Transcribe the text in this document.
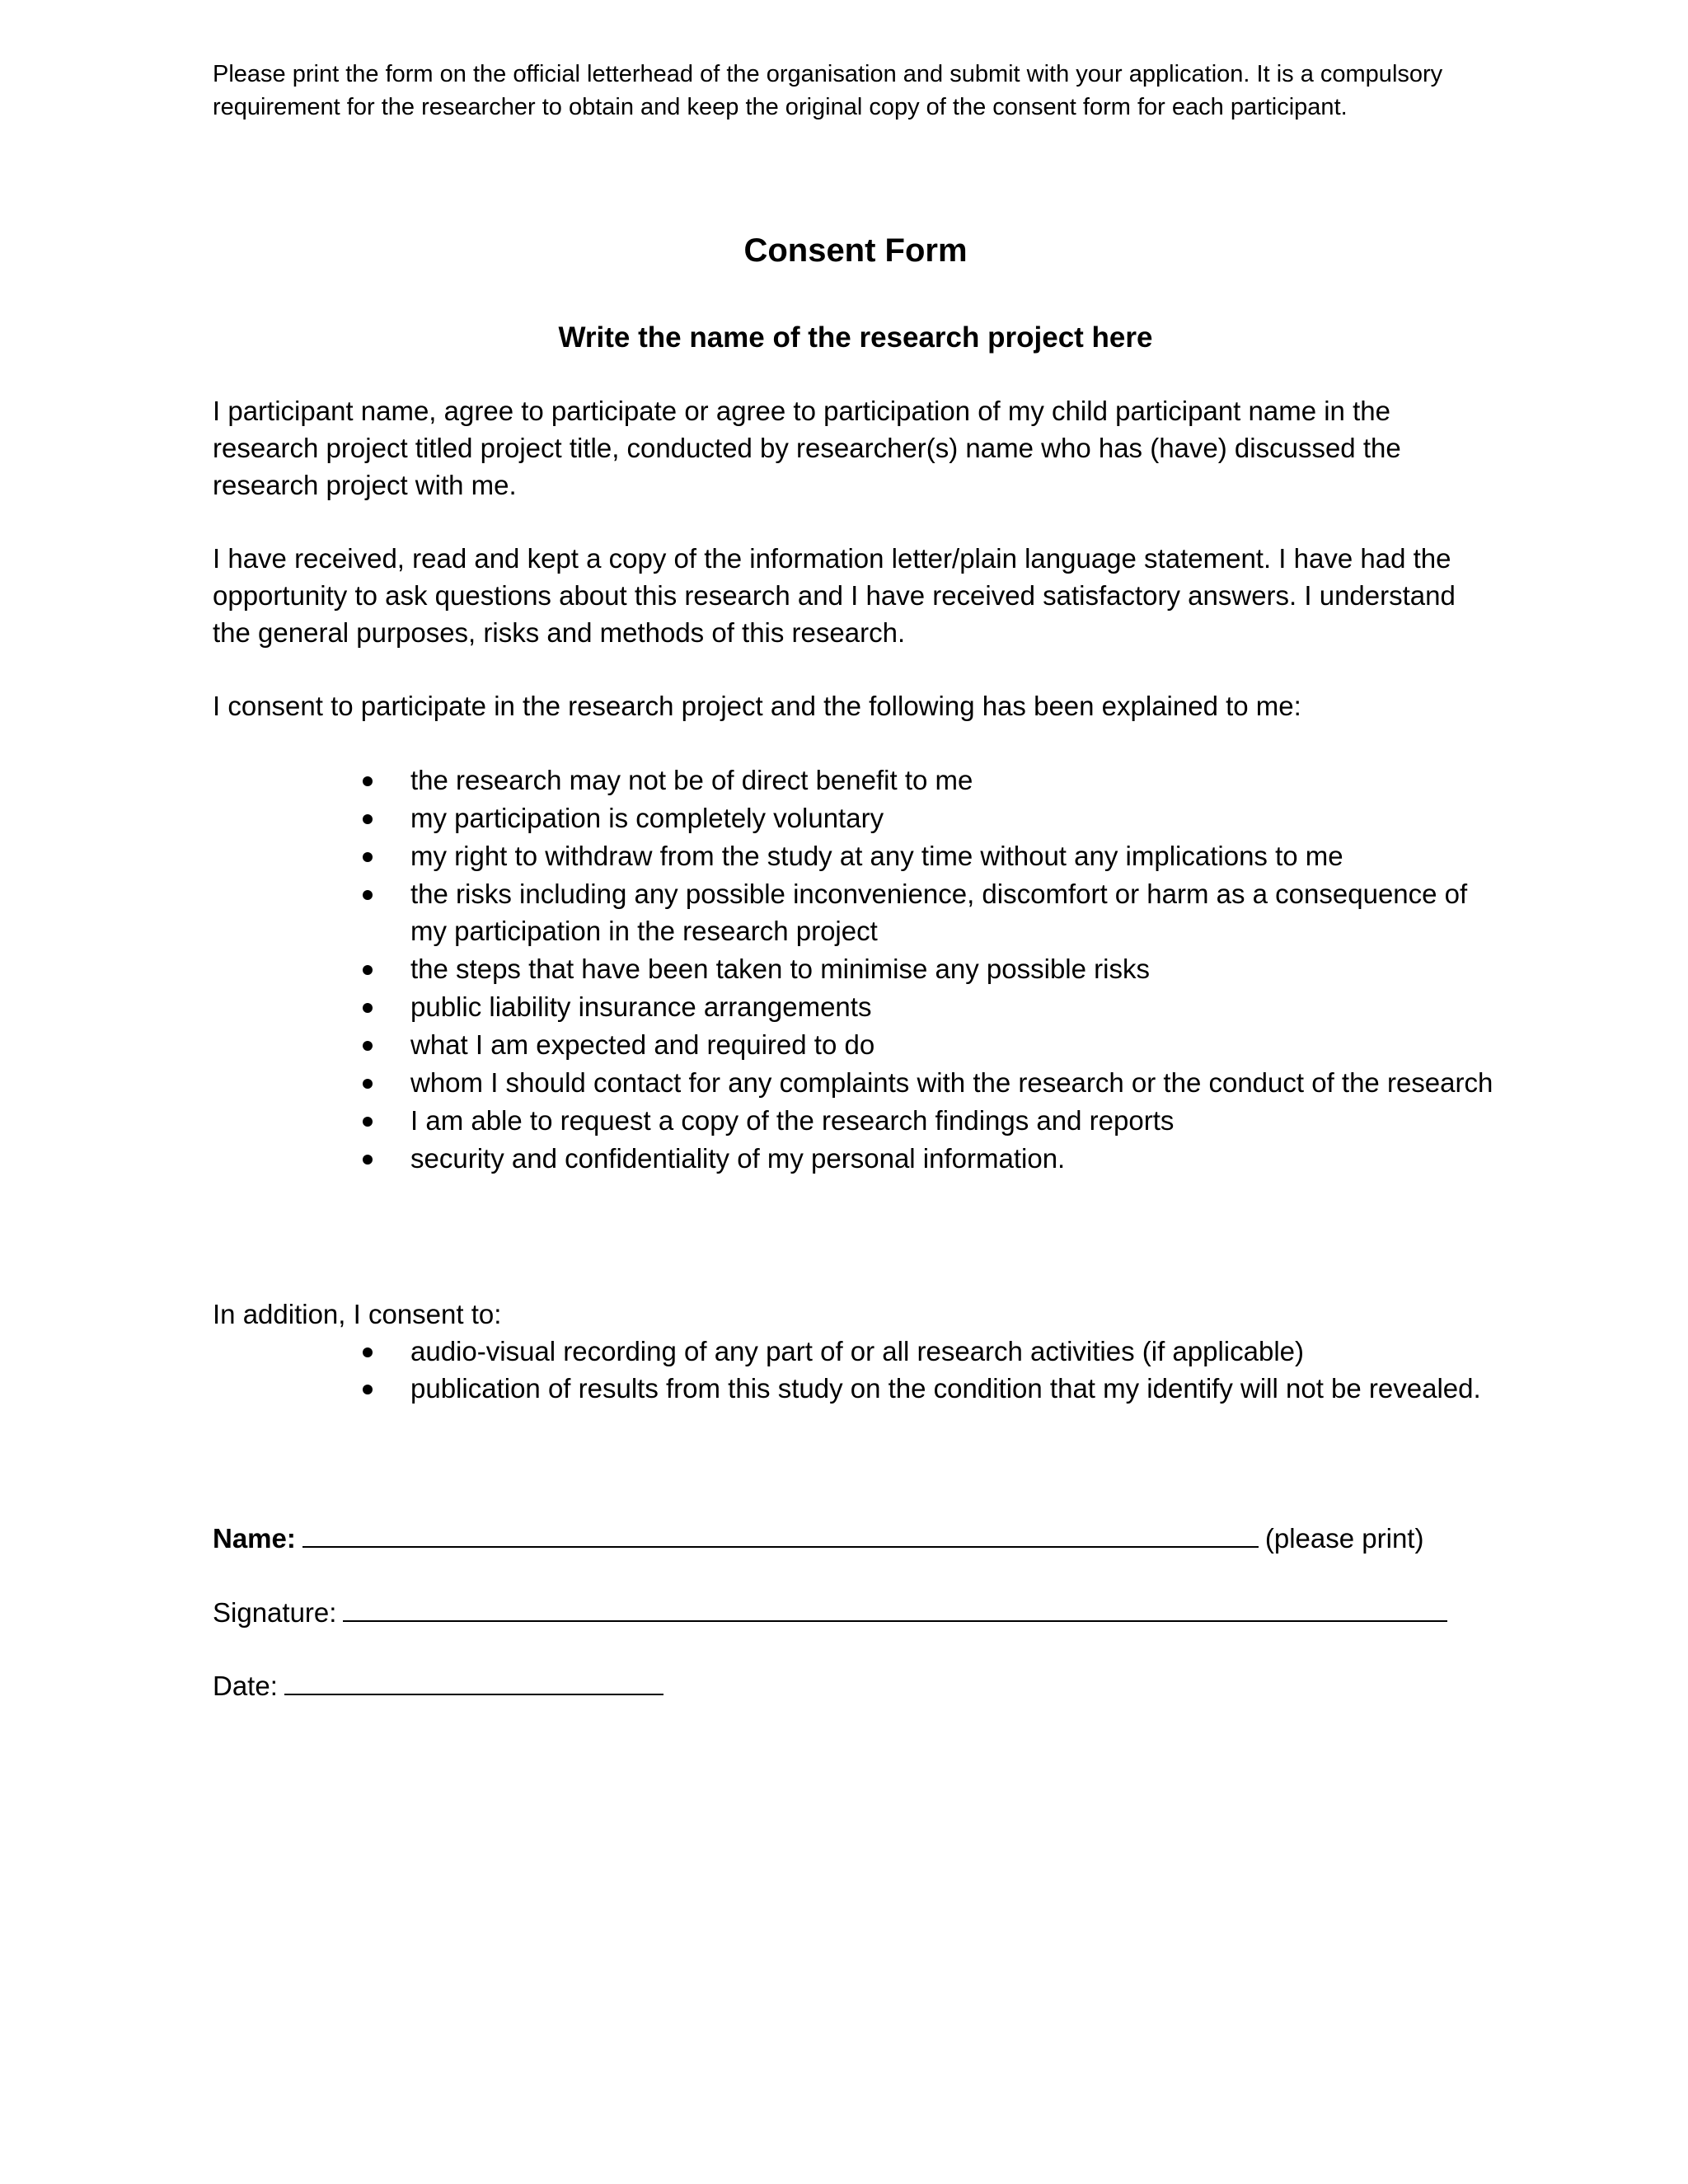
Please print the form on the official letterhead of the organisation and submit with your application. It is a compulsory requirement for the researcher to obtain and keep the original copy of the consent form for each participant.

Consent Form
Write the name of the research project here

I participant name, agree to participate or agree to participation of my child participant name in the research project titled project title, conducted by researcher(s) name who has (have) discussed the research project with me.

I have received, read and kept a copy of the information letter/plain language statement. I have had the opportunity to ask questions about this research and I have received satisfactory answers. I understand the general purposes, risks and methods of this research.

I consent to participate in the research project and the following has been explained to me:

the research may not be of direct benefit to me
my participation is completely voluntary
my right to withdraw from the study at any time without any implications to me
the risks including any possible inconvenience, discomfort or harm as a consequence of my participation in the research project
the steps that have been taken to minimise any possible risks
public liability insurance arrangements
what I am expected and required to do
whom I should contact for any complaints with the research or the conduct of the research
I am able to request a copy of the research findings and reports
security and confidentiality of my personal information.

In addition, I consent to:

audio-visual recording of any part of or all research activities (if applicable)
publication of results from this study on the condition that my identify will not be revealed.
Name:	(please print)
Signature:
Date:
